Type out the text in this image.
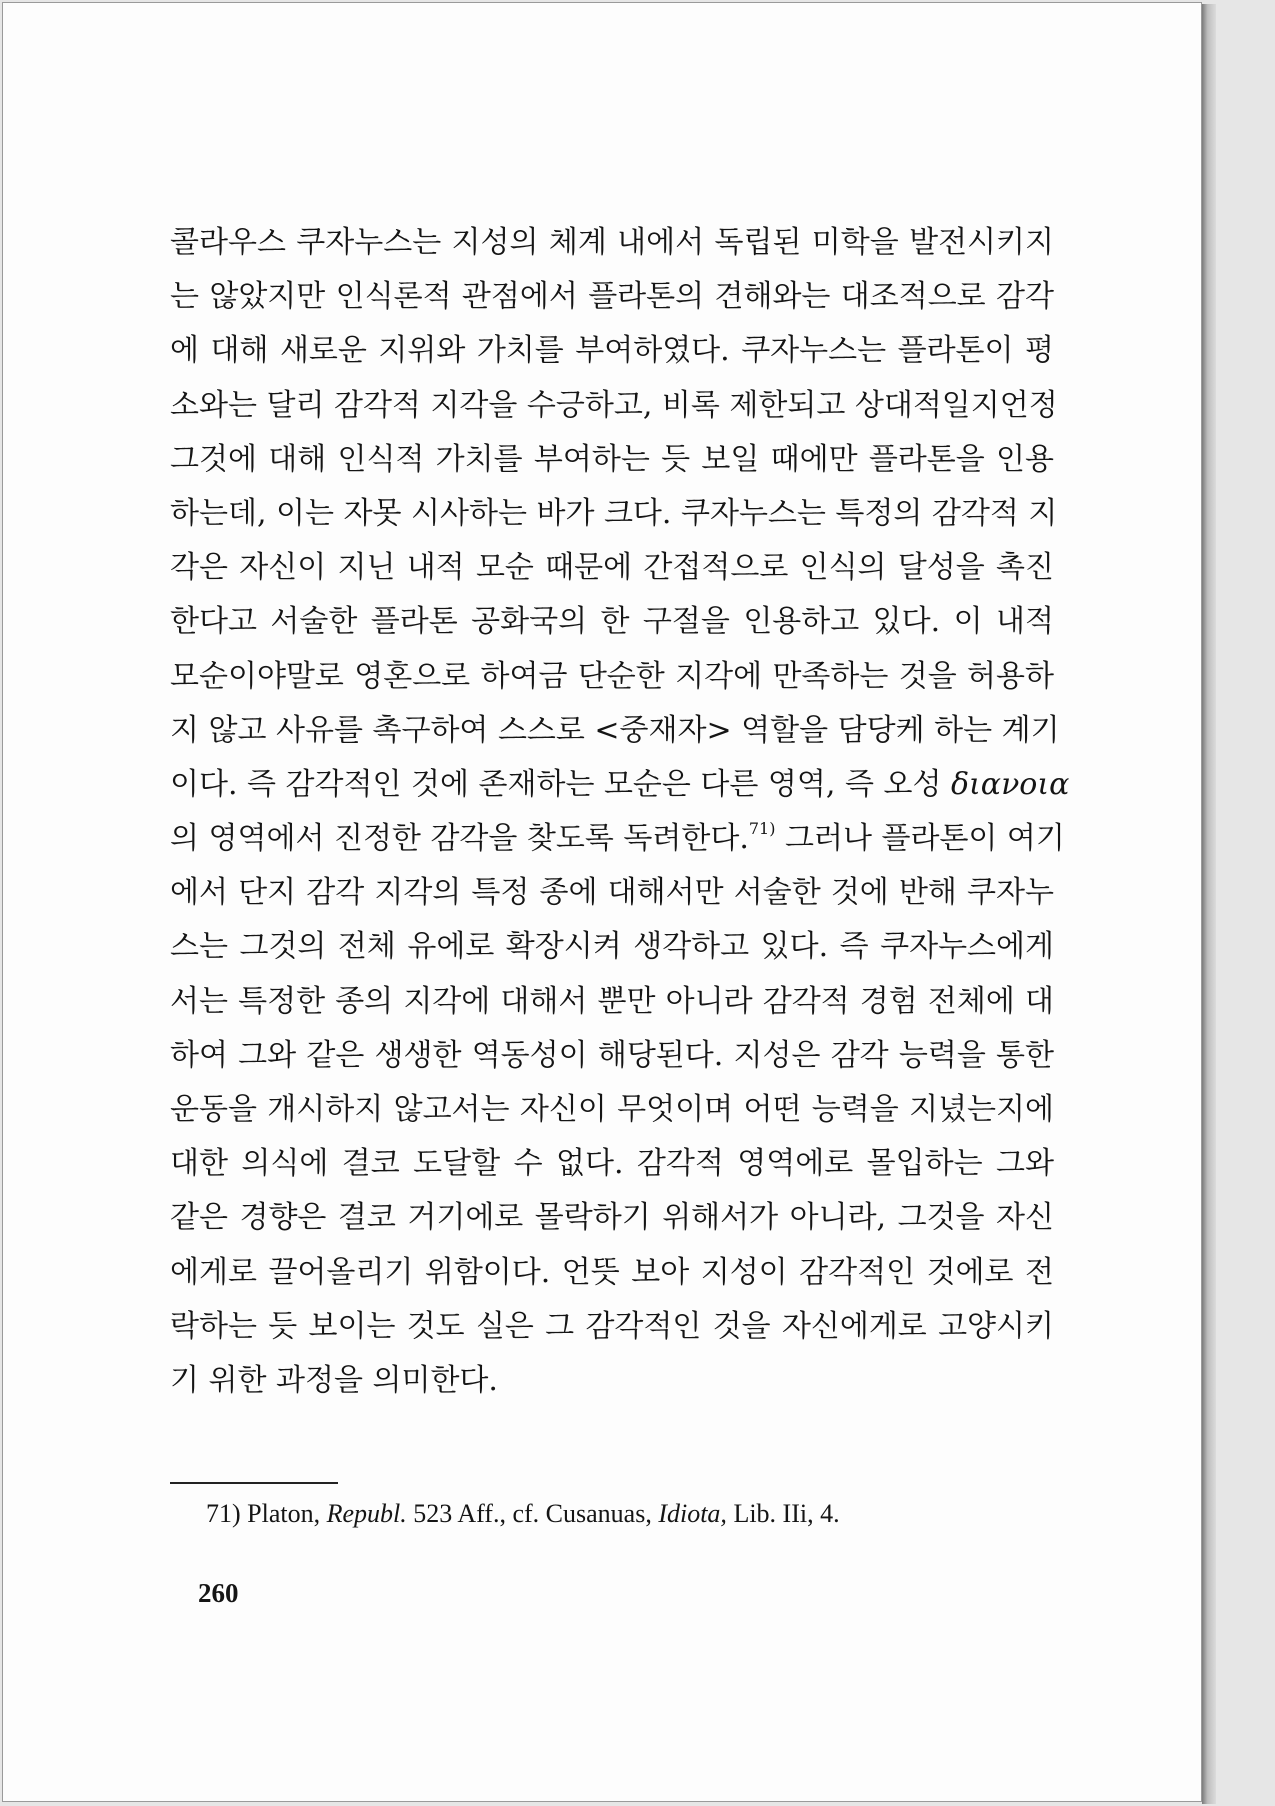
콜라우스 쿠자누스는 지성의 체계 내에서 독립된 미학을 발전시키지
는 않았지만 인식론적 관점에서 플라톤의 견해와는 대조적으로 감각
에 대해 새로운 지위와 가치를 부여하였다. 쿠자누스는 플라톤이 평
소와는 달리 감각적 지각을 수긍하고, 비록 제한되고 상대적일지언정
그것에 대해 인식적 가치를 부여하는 듯 보일 때에만 플라톤을 인용
하는데, 이는 자못 시사하는 바가 크다. 쿠자누스는 특정의 감각적 지
각은 자신이 지닌 내적 모순 때문에 간접적으로 인식의 달성을 촉진
한다고 서술한 플라톤 공화국의 한 구절을 인용하고 있다. 이 내적
모순이야말로 영혼으로 하여금 단순한 지각에 만족하는 것을 허용하
지 않고 사유를 촉구하여 스스로 <중재자> 역할을 담당케 하는 계기
이다. 즉 감각적인 것에 존재하는 모순은 다른 영역, 즉 오성 διανοια
의 영역에서 진정한 감각을 찾도록 독려한다.$^{71)}$ 그러나 플라톤이 여기
에서 단지 감각 지각의 특정 종에 대해서만 서술한 것에 반해 쿠자누
스는 그것의 전체 유에로 확장시켜 생각하고 있다. 즉 쿠자누스에게
서는 특정한 종의 지각에 대해서 뿐만 아니라 감각적 경험 전체에 대
하여 그와 같은 생생한 역동성이 해당된다. 지성은 감각 능력을 통한
운동을 개시하지 않고서는 자신이 무엇이며 어떤 능력을 지녔는지에
대한 의식에 결코 도달할 수 없다. 감각적 영역에로 몰입하는 그와
같은 경향은 결코 거기에로 몰락하기 위해서가 아니라, 그것을 자신
에게로 끌어올리기 위함이다. 언뜻 보아 지성이 감각적인 것에로 전
락하는 듯 보이는 것도 실은 그 감각적인 것을 자신에게로 고양시키
기 위한 과정을 의미한다.
71) Platon, Republ. 523 Aff., cf. Cusanuas, Idiota, Lib. IIi, 4.
260
